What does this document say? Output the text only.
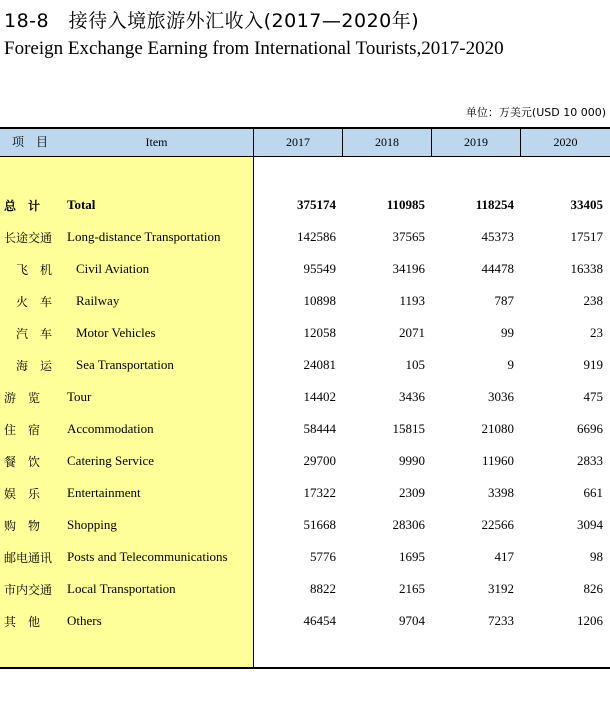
18-8　接待入境旅游外汇收入(2017—2020年)
Foreign Exchange Earning from International Tourists,2017-2020
单位：万美元(USD 10 000)
项　目	Item	2017	2018	2019	2020
总　计 Total	375174	110985	118254	33405
长途交通 Long-distance Transportation	142586	37565	45373	17517
　飞　机 Civil Aviation	95549	34196	44478	16338
　火　车 Railway	10898	1193	787	238
　汽　车 Motor Vehicles	12058	2071	99	23
　海　运 Sea Transportation	24081	105	9	919
游　览 Tour	14402	3436	3036	475
住　宿 Accommodation	58444	15815	21080	6696
餐　饮 Catering Service	29700	9990	11960	2833
娱　乐 Entertainment	17322	2309	3398	661
购　物 Shopping	51668	28306	22566	3094
邮电通讯 Posts and Telecommunications	5776	1695	417	98
市内交通 Local Transportation	8822	2165	3192	826
其　他 Others	46454	9704	7233	1206
